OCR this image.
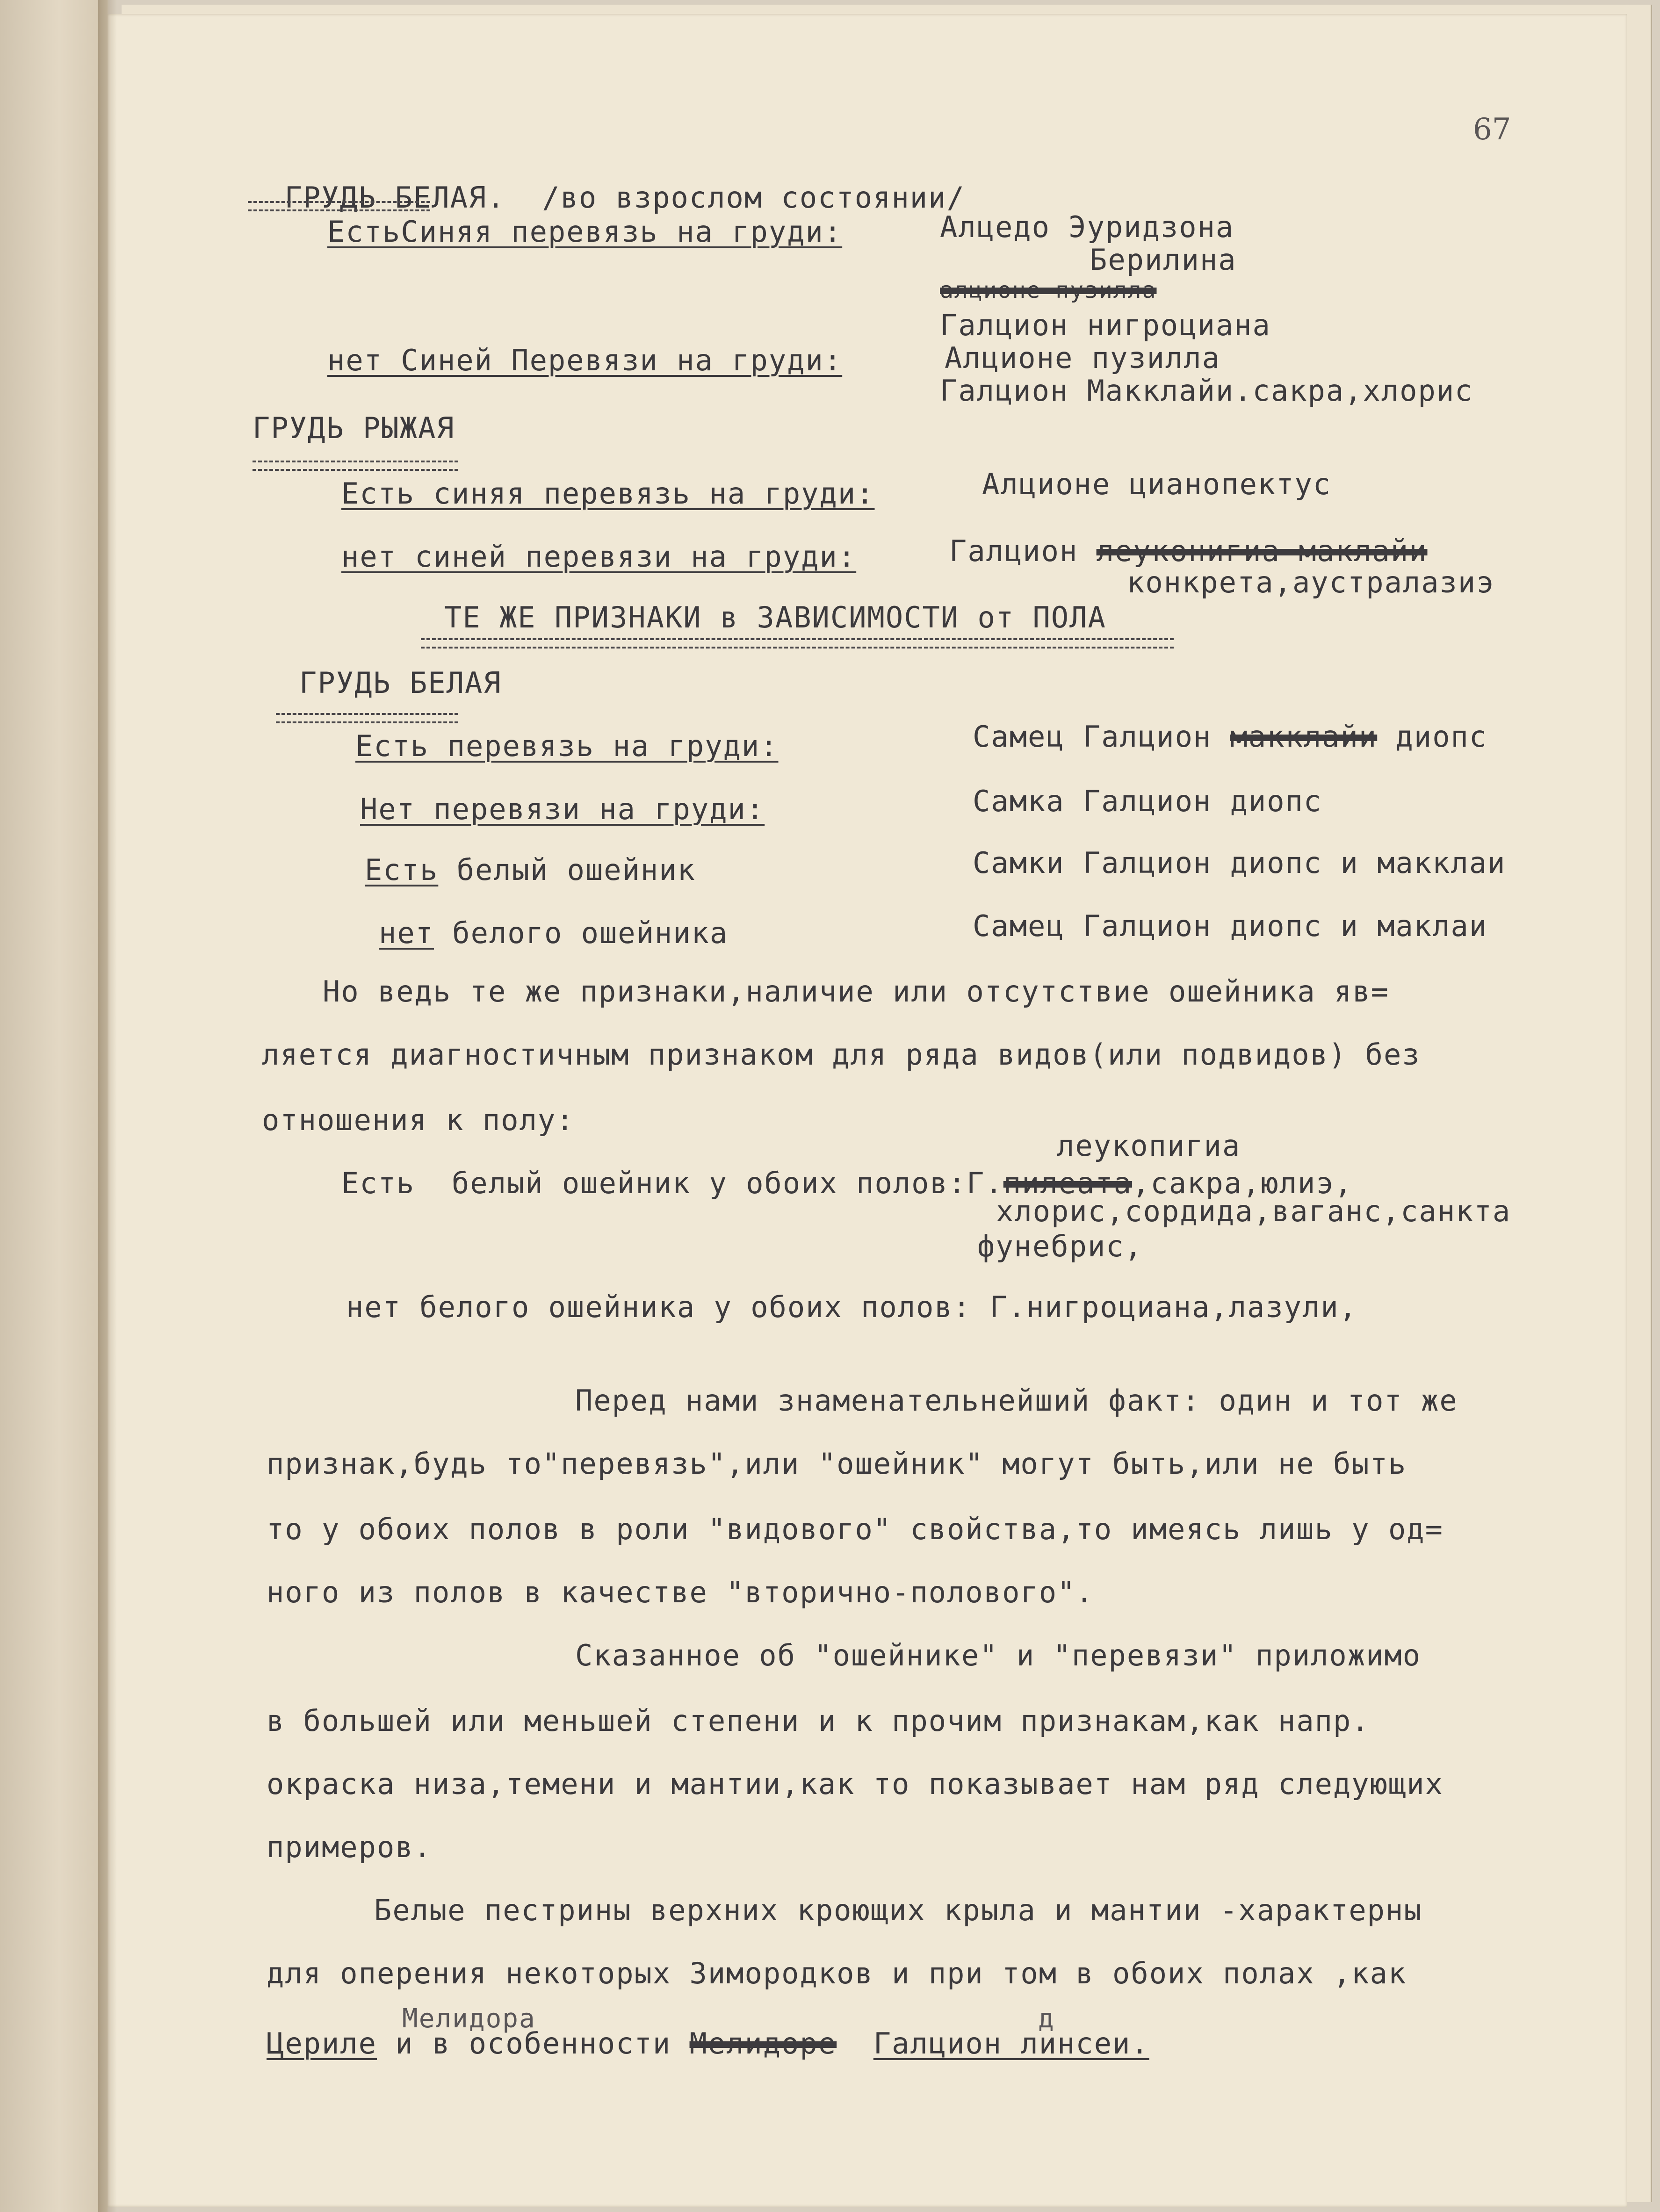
67

ГРУДЬ БЕЛАЯ. /во взрослом состоянии/

ЕстьСиняя перевязь на груди:	Алцедо Эуридзона
Берилина
алционе пузилла
Галцион нигроцианa
нет Синей Перевязи на груди:	Алционе пузилла
Галцион Макклайи.сакра,хлорис
ГРУДЬ РЫЖАЯ
Есть синяя перевязь на груди:	Алционе цианопектус
нет синей перевязи на груди:	Галцион леуконигиа маклайи
конкрета,аустралазиэ
ТЕ ЖЕ ПРИЗНАКИ в ЗАВИСИМОСТИ от ПОЛА
ГРУДЬ БЕЛАЯ
Есть перевязь на груди:	Самец Галцион макклайи диопс
Нет перевязи на груди:	Самка Галцион диопс
Есть белый ошейник	Самки Галцион диопс и макклаи
нет белого ошейника	Самец Галцион диопс и маклаи
Но ведь те же признаки,наличие или отсутствие ошейника яв=
ляется диагностичным признаком для ряда видов(или подвидов) без
отношения к полу:
леукопигиа
Есть  белый ошейник у обоих полов:Г.пилеата,сакра,юлиэ,
хлорис,сордида,ваганс,санкта
фунебрис,
нет белого ошейника у обоих полов: Г.нигроциана,лазули,
Перед нами знаменательнейший факт: один и тот же
признак,будь то"перевязь",или "ошейник" могут быть,или не быть
то у обоих полов в роли "видового" свойства,то имеясь лишь у од=
ного из полов в качестве "вторично-полового".
Сказанное об "ошейнике" и "перевязи" приложимо
в большей или меньшей степени и к прочим признакам,как напр.
окраска низа,темени и мантии,как то показывает нам ряд следующих
примеров.
Белые пестрины верхних кроющих крыла и мантии -характерны
для оперения некоторых Зимородков и при том в обоих полах ,как
Мелидора	д
Цериле и в особенности Мелидоре Галцион линсеи.
